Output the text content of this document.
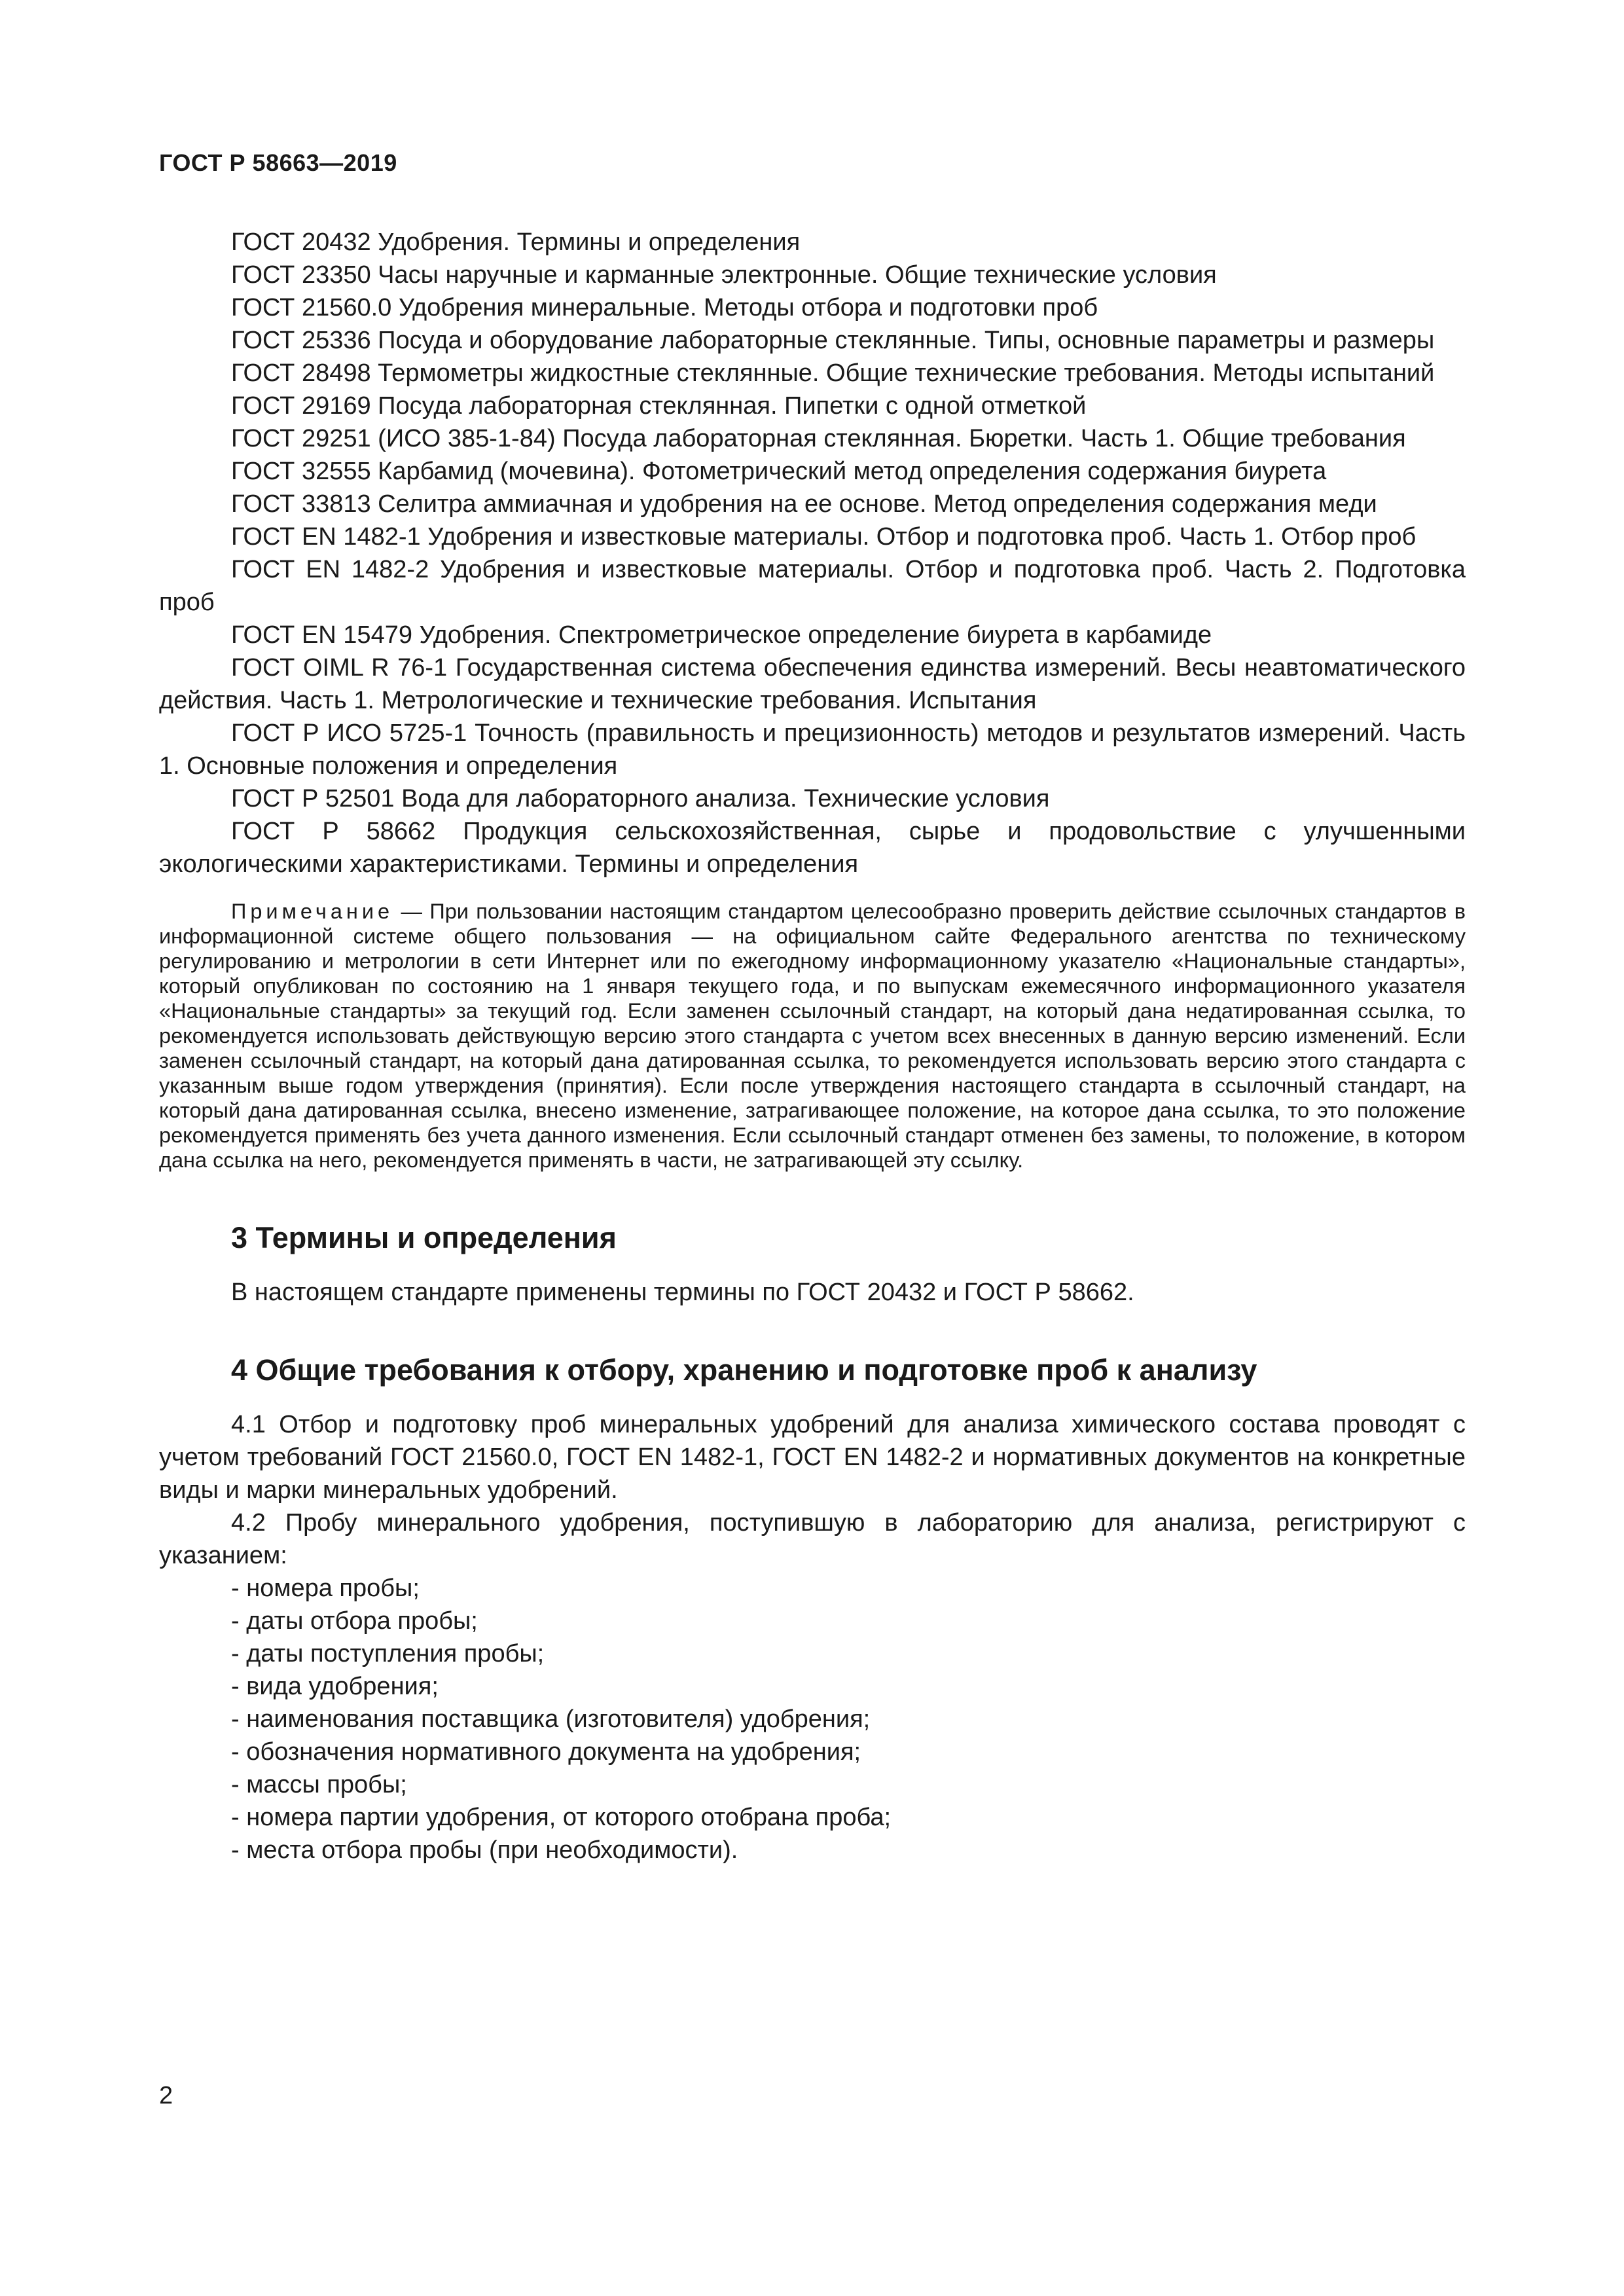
ГОСТ Р 58663—2019

ГОСТ 20432 Удобрения. Термины и определения

ГОСТ 23350 Часы наручные и карманные электронные. Общие технические условия

ГОСТ 21560.0 Удобрения минеральные. Методы отбора и подготовки проб

ГОСТ 25336 Посуда и оборудование лабораторные стеклянные. Типы, основные параметры и размеры

ГОСТ 28498 Термометры жидкостные стеклянные. Общие технические требования. Методы испытаний

ГОСТ 29169 Посуда лабораторная стеклянная. Пипетки с одной отметкой

ГОСТ 29251 (ИСО 385-1-84) Посуда лабораторная стеклянная. Бюретки. Часть 1. Общие требования

ГОСТ 32555 Карбамид (мочевина). Фотометрический метод определения содержания биурета

ГОСТ 33813 Селитра аммиачная и удобрения на ее основе. Метод определения содержания меди

ГОСТ EN 1482-1 Удобрения и известковые материалы. Отбор и подготовка проб. Часть 1. Отбор проб

ГОСТ EN 1482-2 Удобрения и известковые материалы. Отбор и подготовка проб. Часть 2. Подготовка проб

ГОСТ EN 15479 Удобрения. Спектрометрическое определение биурета в карбамиде

ГОСТ OIML R 76-1 Государственная система обеспечения единства измерений. Весы неавтоматического действия. Часть 1. Метрологические и технические требования. Испытания

ГОСТ Р ИСО 5725-1 Точность (правильность и прецизионность) методов и результатов измерений. Часть 1. Основные положения и определения

ГОСТ Р 52501 Вода для лабораторного анализа. Технические условия

ГОСТ Р 58662 Продукция сельскохозяйственная, сырье и продовольствие с улучшенными экологическими характеристиками. Термины и определения

Примечание — При пользовании настоящим стандартом целесообразно проверить действие ссылочных стандартов в информационной системе общего пользования — на официальном сайте Федерального агентства по техническому регулированию и метрологии в сети Интернет или по ежегодному информационному указателю «Национальные стандарты», который опубликован по состоянию на 1 января текущего года, и по выпускам ежемесячного информационного указателя «Национальные стандарты» за текущий год. Если заменен ссылочный стандарт, на который дана недатированная ссылка, то рекомендуется использовать действующую версию этого стандарта с учетом всех внесенных в данную версию изменений. Если заменен ссылочный стандарт, на который дана датированная ссылка, то рекомендуется использовать версию этого стандарта с указанным выше годом утверждения (принятия). Если после утверждения настоящего стандарта в ссылочный стандарт, на который дана датированная ссылка, внесено изменение, затрагивающее положение, на которое дана ссылка, то это положение рекомендуется применять без учета данного изменения. Если ссылочный стандарт отменен без замены, то положение, в котором дана ссылка на него, рекомендуется применять в части, не затрагивающей эту ссылку.

3 Термины и определения

В настоящем стандарте применены термины по ГОСТ 20432 и ГОСТ Р 58662.

4 Общие требования к отбору, хранению и подготовке проб к анализу

4.1 Отбор и подготовку проб минеральных удобрений для анализа химического состава проводят с учетом требований ГОСТ 21560.0, ГОСТ EN 1482-1, ГОСТ EN 1482-2 и нормативных документов на конкретные виды и марки минеральных удобрений.

4.2 Пробу минерального удобрения, поступившую в лабораторию для анализа, регистрируют с указанием:

- номера пробы;

- даты отбора пробы;

- даты поступления пробы;

- вида удобрения;

- наименования поставщика (изготовителя) удобрения;

- обозначения нормативного документа на удобрения;

- массы пробы;

- номера партии удобрения, от которого отобрана проба;

- места отбора пробы (при необходимости).

2
